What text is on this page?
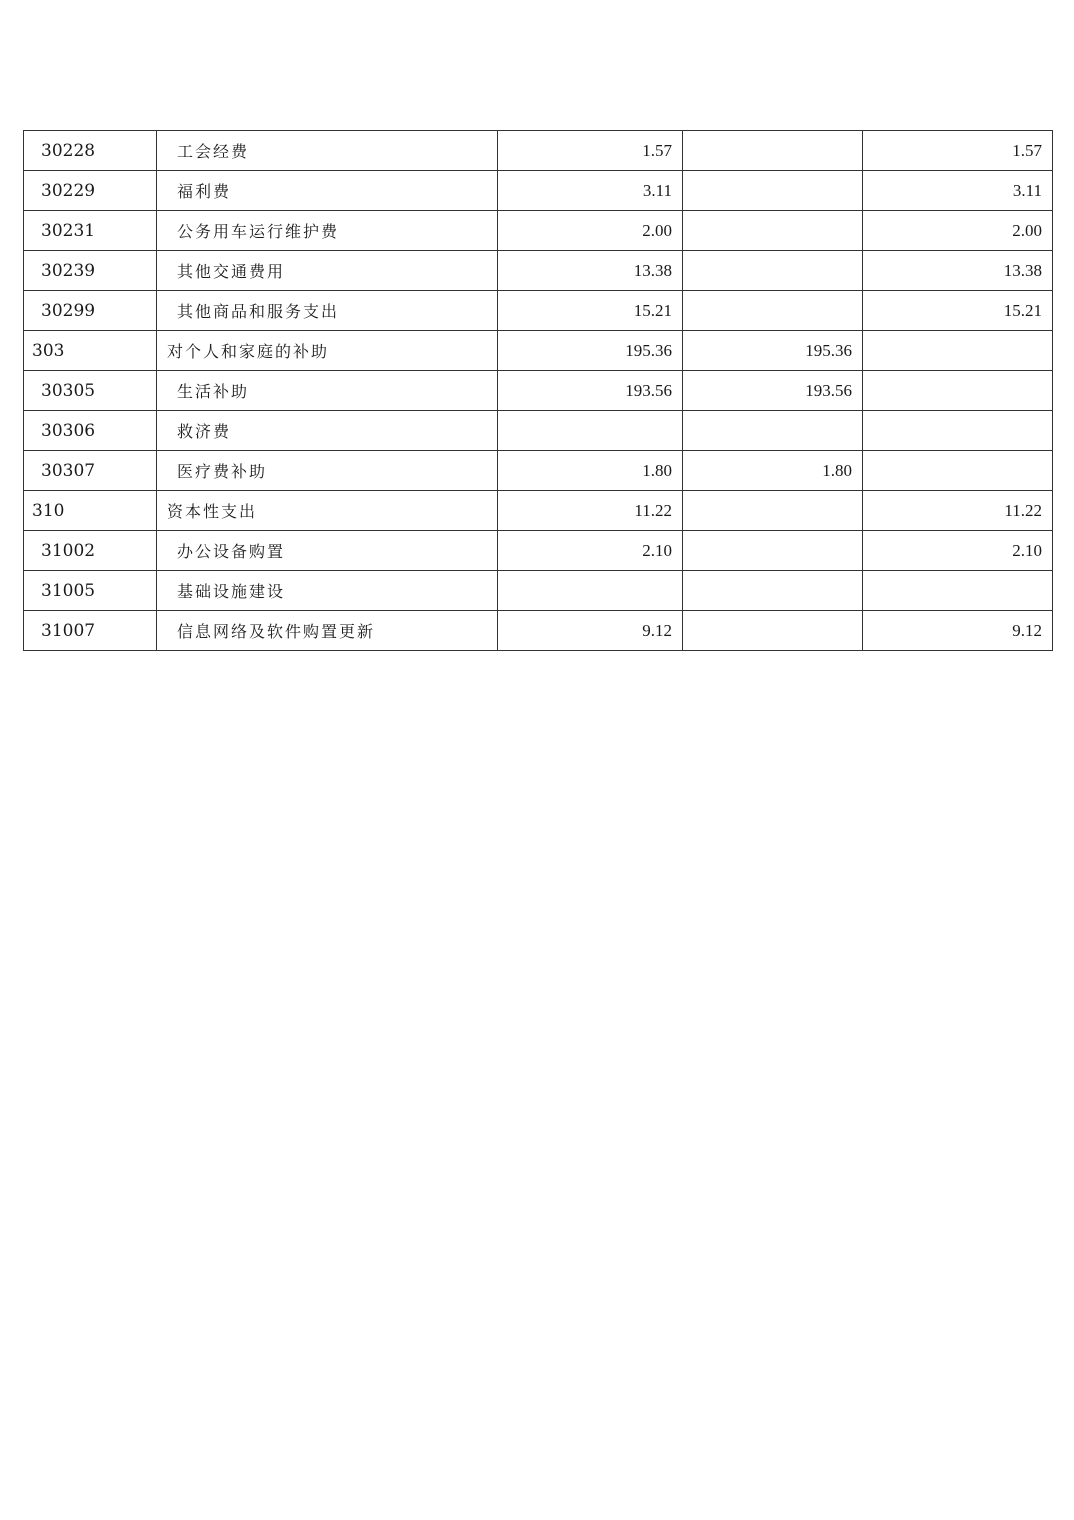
30228	工会经费	1.57		1.57
30229	福利费	3.11		3.11
30231	公务用车运行维护费	2.00		2.00
30239	其他交通费用	13.38		13.38
30299	其他商品和服务支出	15.21		15.21
303	对个人和家庭的补助	195.36	195.36	
30305	生活补助	193.56	193.56	
30306	救济费			
30307	医疗费补助	1.80	1.80	
310	资本性支出	11.22		11.22
31002	办公设备购置	2.10		2.10
31005	基础设施建设			
31007	信息网络及软件购置更新	9.12		9.12
